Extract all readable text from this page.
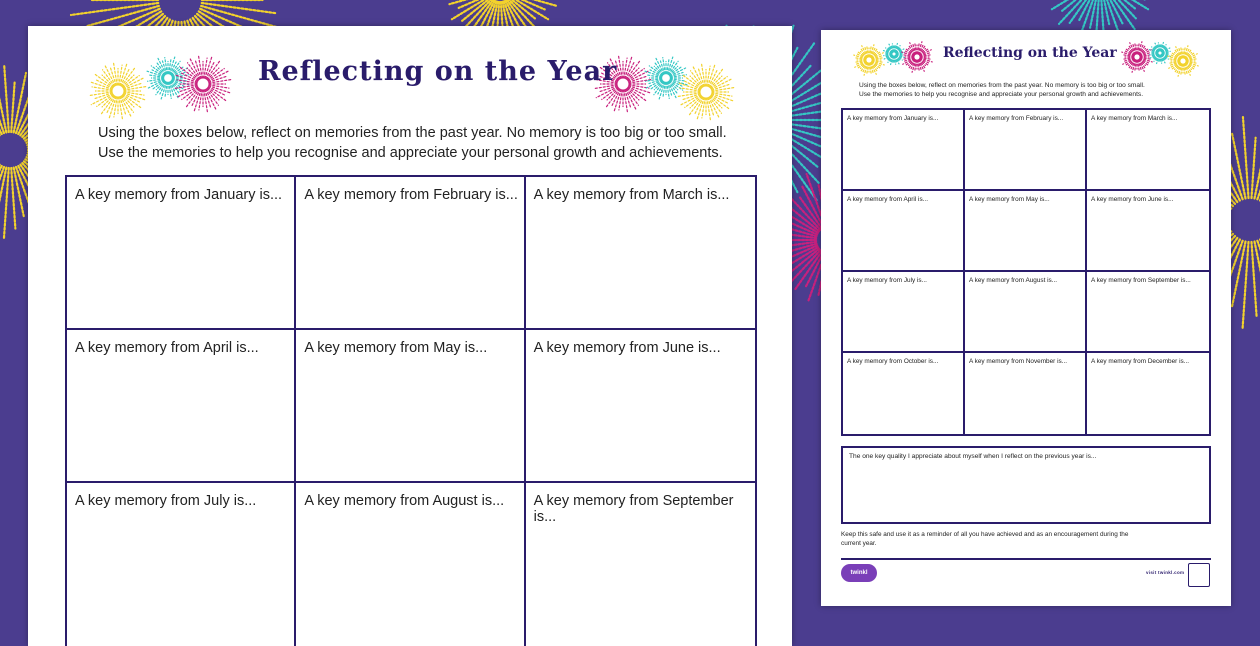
Reflecting on the Year
Using the boxes below, reflect on memories from the past year. No memory is too big or too small.
Use the memories to help you recognise and appreciate your personal growth and achievements.
A key memory from January is...	A key memory from February is...	A key memory from March is...
A key memory from April is...	A key memory from May is...	A key memory from June is...
A key memory from July is...	A key memory from August is...	A key memory from September is...
Reflecting on the Year
Using the boxes below, reflect on memories from the past year. No memory is too big or too small.
Use the memories to help you recognise and appreciate your personal growth and achievements.
A key memory from January is...	A key memory from February is...	A key memory from March is...
A key memory from April is...	A key memory from May is...	A key memory from June is...
A key memory from July is...	A key memory from August is...	A key memory from September is...
A key memory from October is...	A key memory from November is...	A key memory from December is...
The one key quality I appreciate about myself when I reflect on the previous year is...
Keep this safe and use it as a reminder of all you have achieved and as an encouragement during the
current year.
twinkl	visit twinkl.com
